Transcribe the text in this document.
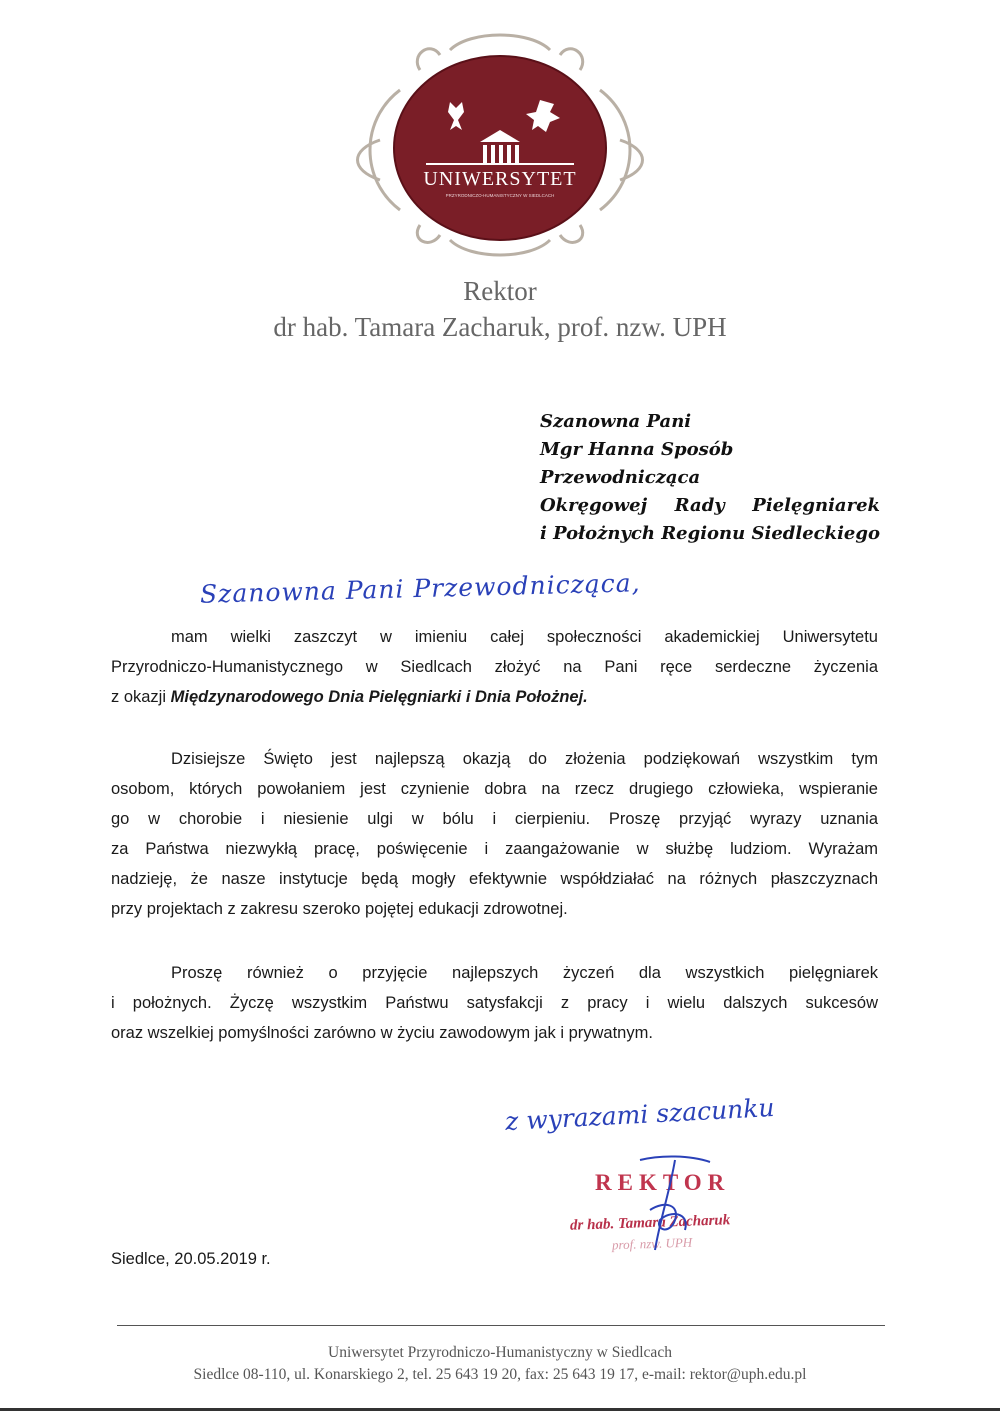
UNIWERSYTET
PRZYRODNICZO-HUMANISTYCZNY W SIEDLCACH
Rektor
dr hab. Tamara Zacharuk, prof. nzw. UPH
Szanowna Pani
Mgr Hanna Sposób
Przewodnicząca
Okręgowej Rady Pielęgniarek
i Położnych Regionu Siedleckiego
Szanowna Pani Przewodnicząca,
mam wielki zaszczyt w imieniu całej społeczności akademickiej Uniwersytetu
Przyrodniczo-Humanistycznego w Siedlcach złożyć na Pani ręce serdeczne życzenia
z okazji Międzynarodowego Dnia Pielęgniarki i Dnia Położnej.
Dzisiejsze Święto jest najlepszą okazją do złożenia podziękowań wszystkim tym
osobom, których powołaniem jest czynienie dobra na rzecz drugiego człowieka, wspieranie
go w chorobie i niesienie ulgi w bólu i cierpieniu. Proszę przyjąć wyrazy uznania
za Państwa niezwykłą pracę, poświęcenie i zaangażowanie w służbę ludziom. Wyrażam
nadzieję, że nasze instytucje będą mogły efektywnie współdziałać na różnych płaszczyznach
przy projektach z zakresu szeroko pojętej edukacji zdrowotnej.
Proszę również o przyjęcie najlepszych życzeń dla wszystkich pielęgniarek
i położnych. Życzę wszystkim Państwu satysfakcji z pracy i wielu dalszych sukcesów
oraz wszelkiej pomyślności zarówno w życiu zawodowym jak i prywatnym.
z wyrazami szacunku
REKTOR
dr hab. Tamara Zacharuk
prof. nzw. UPH
Siedlce, 20.05.2019 r.
Uniwersytet Przyrodniczo-Humanistyczny w Siedlcach
Siedlce 08-110, ul. Konarskiego 2, tel. 25 643 19 20, fax: 25 643 19 17, e-mail: rektor@uph.edu.pl
